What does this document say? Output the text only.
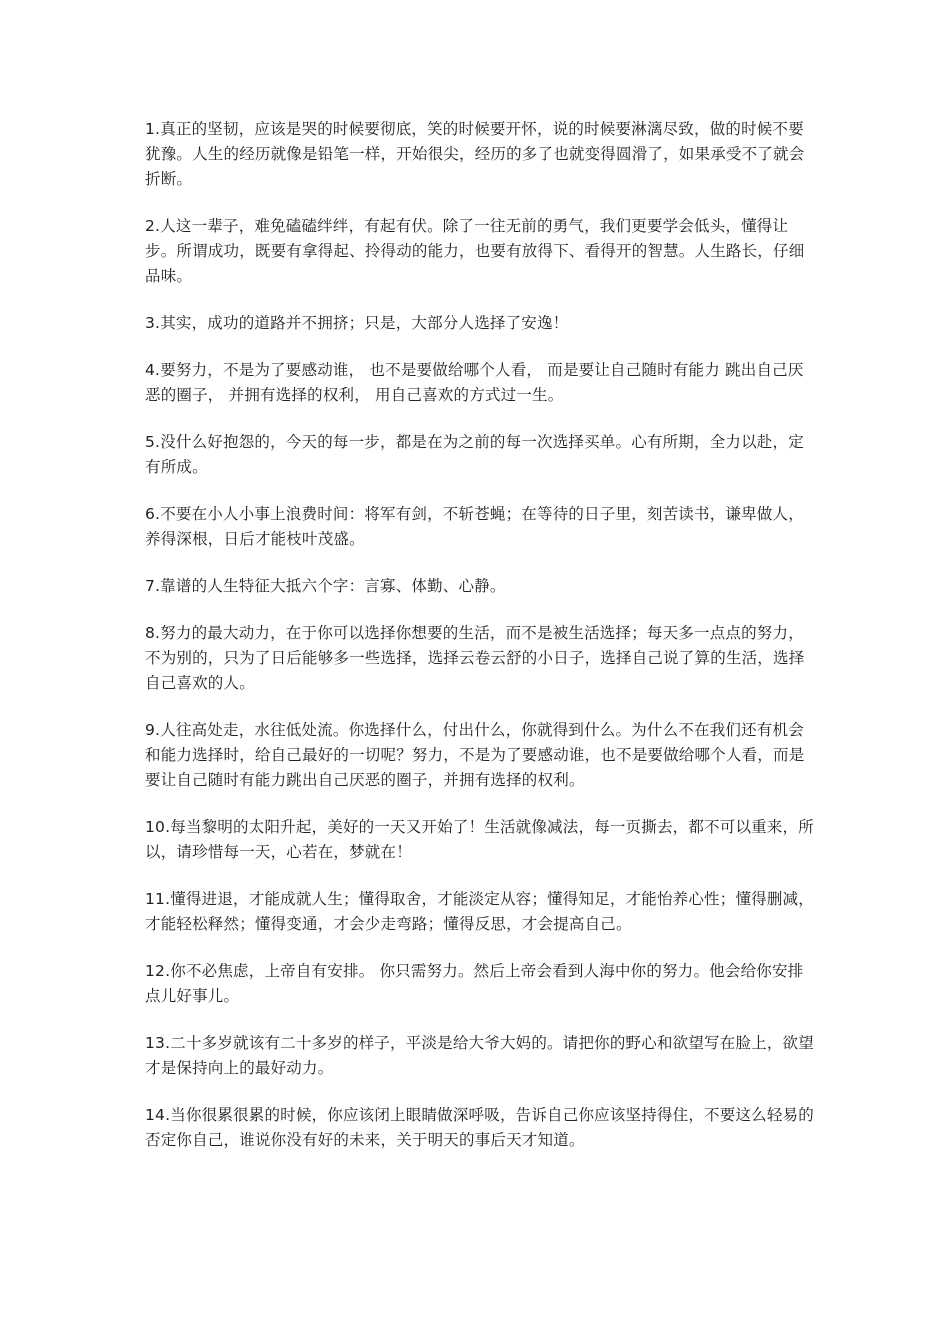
1.真正的坚韧，应该是哭的时候要彻底，笑的时候要开怀，说的时候要淋漓尽致，做的时候不要犹豫。人生的经历就像是铅笔一样，开始很尖，经历的多了也就变得圆滑了，如果承受不了就会折断。

2.人这一辈子，难免磕磕绊绊，有起有伏。除了一往无前的勇气，我们更要学会低头，懂得让步。所谓成功，既要有拿得起、拎得动的能力，也要有放得下、看得开的智慧。人生路长，仔细品味。

3.其实，成功的道路并不拥挤；只是，大部分人选择了安逸！

4.要努力，不是为了要感动谁， 也不是要做给哪个人看， 而是要让自己随时有能力 跳出自己厌恶的圈子， 并拥有选择的权利， 用自己喜欢的方式过一生。

5.没什么好抱怨的，今天的每一步，都是在为之前的每一次选择买单。心有所期，全力以赴，定有所成。

6.不要在小人小事上浪费时间：将军有剑，不斩苍蝇；在等待的日子里，刻苦读书，谦卑做人，养得深根，日后才能枝叶茂盛。

7.靠谱的人生特征大抵六个字：言寡、体勤、心静。

8.努力的最大动力，在于你可以选择你想要的生活，而不是被生活选择；每天多一点点的努力，不为别的，只为了日后能够多一些选择，选择云卷云舒的小日子，选择自己说了算的生活，选择自己喜欢的人。

9.人往高处走，水往低处流。你选择什么，付出什么，你就得到什么。为什么不在我们还有机会和能力选择时，给自己最好的一切呢？努力，不是为了要感动谁，也不是要做给哪个人看，而是要让自己随时有能力跳出自己厌恶的圈子，并拥有选择的权利。

10.每当黎明的太阳升起，美好的一天又开始了！生活就像减法，每一页撕去，都不可以重来，所以，请珍惜每一天，心若在，梦就在！

11.懂得进退，才能成就人生；懂得取舍，才能淡定从容；懂得知足，才能怡养心性；懂得删减，才能轻松释然；懂得变通，才会少走弯路；懂得反思，才会提高自己。

12.你不必焦虑，上帝自有安排。 你只需努力。然后上帝会看到人海中你的努力。他会给你安排点儿好事儿。

13.二十多岁就该有二十多岁的样子，平淡是给大爷大妈的。请把你的野心和欲望写在脸上，欲望才是保持向上的最好动力。

14.当你很累很累的时候，你应该闭上眼睛做深呼吸，告诉自己你应该坚持得住，不要这么轻易的否定你自己，谁说你没有好的未来，关于明天的事后天才知道。
